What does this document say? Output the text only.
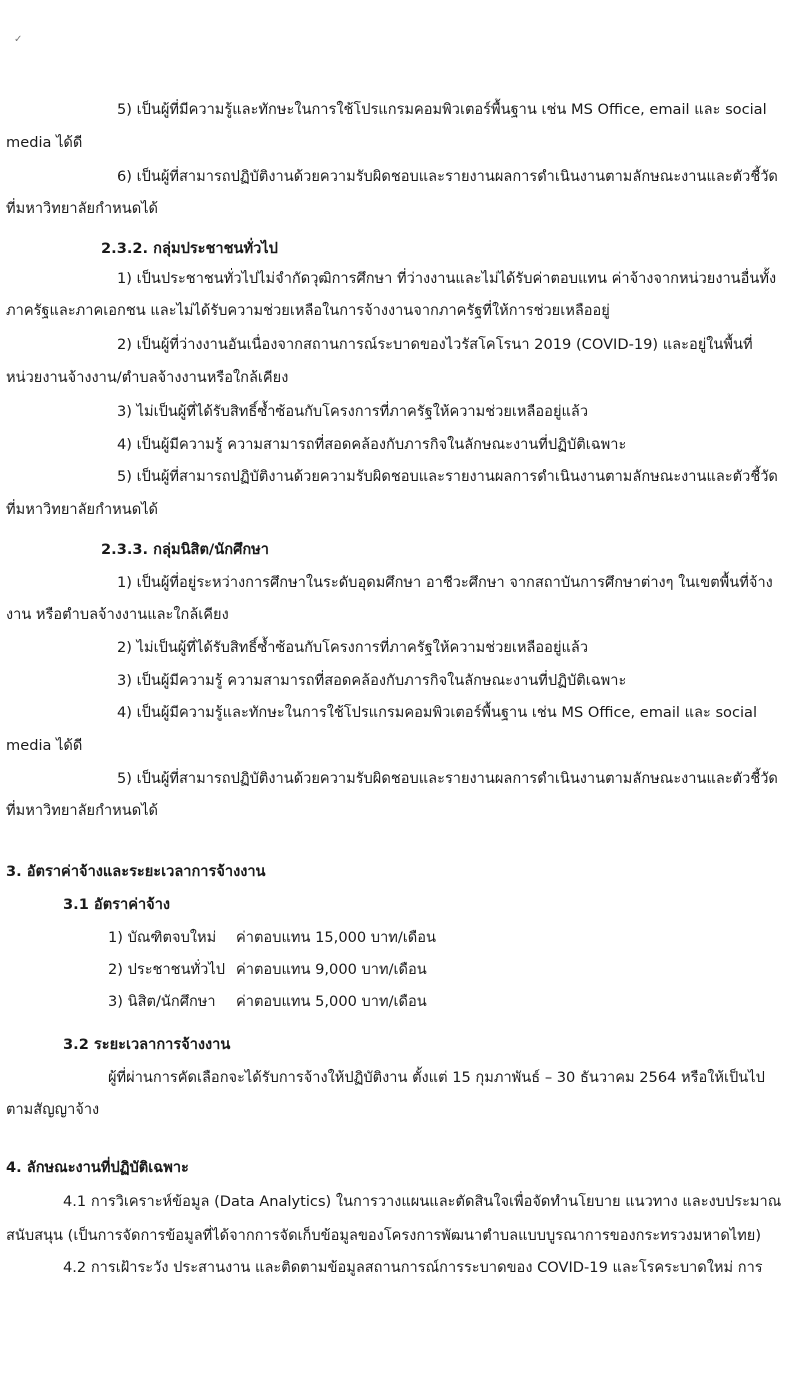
✓
5) เป็นผู้ที่มีความรู้และทักษะในการใช้โปรแกรมคอมพิวเตอร์พื้นฐาน เช่น MS Office, email และ social
media ได้ดี
6) เป็นผู้ที่สามารถปฏิบัติงานด้วยความรับผิดชอบและรายงานผลการดำเนินงานตามลักษณะงานและตัวชี้วัด
ที่มหาวิทยาลัยกำหนดได้
2.3.2. กลุ่มประชาชนทั่วไป
1) เป็นประชาชนทั่วไปไม่จำกัดวุฒิการศึกษา ที่ว่างงานและไม่ได้รับค่าตอบแทน ค่าจ้างจากหน่วยงานอื่นทั้ง
ภาครัฐและภาคเอกชน และไม่ได้รับความช่วยเหลือในการจ้างงานจากภาครัฐที่ให้การช่วยเหลืออยู่
2) เป็นผู้ที่ว่างงานอันเนื่องจากสถานการณ์ระบาดของไวรัสโคโรนา 2019 (COVID-19) และอยู่ในพื้นที่
หน่วยงานจ้างงาน/ตำบลจ้างงานหรือใกล้เคียง
3) ไม่เป็นผู้ที่ได้รับสิทธิ์ซ้ำซ้อนกับโครงการที่ภาครัฐให้ความช่วยเหลืออยู่แล้ว
4) เป็นผู้มีความรู้ ความสามารถที่สอดคล้องกับภารกิจในลักษณะงานที่ปฏิบัติเฉพาะ
5) เป็นผู้ที่สามารถปฏิบัติงานด้วยความรับผิดชอบและรายงานผลการดำเนินงานตามลักษณะงานและตัวชี้วัด
ที่มหาวิทยาลัยกำหนดได้
2.3.3. กลุ่มนิสิต/นักศึกษา
1) เป็นผู้ที่อยู่ระหว่างการศึกษาในระดับอุดมศึกษา อาชีวะศึกษา จากสถาบันการศึกษาต่างๆ ในเขตพื้นที่จ้าง
งาน หรือตำบลจ้างงานและใกล้เคียง
2) ไม่เป็นผู้ที่ได้รับสิทธิ์ซ้ำซ้อนกับโครงการที่ภาครัฐให้ความช่วยเหลืออยู่แล้ว
3) เป็นผู้มีความรู้ ความสามารถที่สอดคล้องกับภารกิจในลักษณะงานที่ปฏิบัติเฉพาะ
4) เป็นผู้มีความรู้และทักษะในการใช้โปรแกรมคอมพิวเตอร์พื้นฐาน เช่น MS Office, email และ social
media ได้ดี
5) เป็นผู้ที่สามารถปฏิบัติงานด้วยความรับผิดชอบและรายงานผลการดำเนินงานตามลักษณะงานและตัวชี้วัด
ที่มหาวิทยาลัยกำหนดได้
3. อัตราค่าจ้างและระยะเวลาการจ้างงาน
3.1 อัตราค่าจ้าง
1) บัณฑิตจบใหม่ ค่าตอบแทน 15,000 บาท/เดือน
2) ประชาชนทั่วไป ค่าตอบแทน 9,000 บาท/เดือน
3) นิสิต/นักศึกษา ค่าตอบแทน 5,000 บาท/เดือน
3.2 ระยะเวลาการจ้างงาน
ผู้ที่ผ่านการคัดเลือกจะได้รับการจ้างให้ปฏิบัติงาน ตั้งแต่ 15 กุมภาพันธ์ – 30 ธันวาคม 2564 หรือให้เป็นไป
ตามสัญญาจ้าง
4. ลักษณะงานที่ปฏิบัติเฉพาะ
4.1 การวิเคราะห์ข้อมูล (Data Analytics) ในการวางแผนและตัดสินใจเพื่อจัดทำนโยบาย แนวทาง และงบประมาณ
สนับสนุน (เป็นการจัดการข้อมูลที่ได้จากการจัดเก็บข้อมูลของโครงการพัฒนาตำบลแบบบูรณาการของกระทรวงมหาดไทย)
4.2 การเฝ้าระวัง ประสานงาน และติดตามข้อมูลสถานการณ์การระบาดของ COVID-19 และโรคระบาดใหม่ การ
